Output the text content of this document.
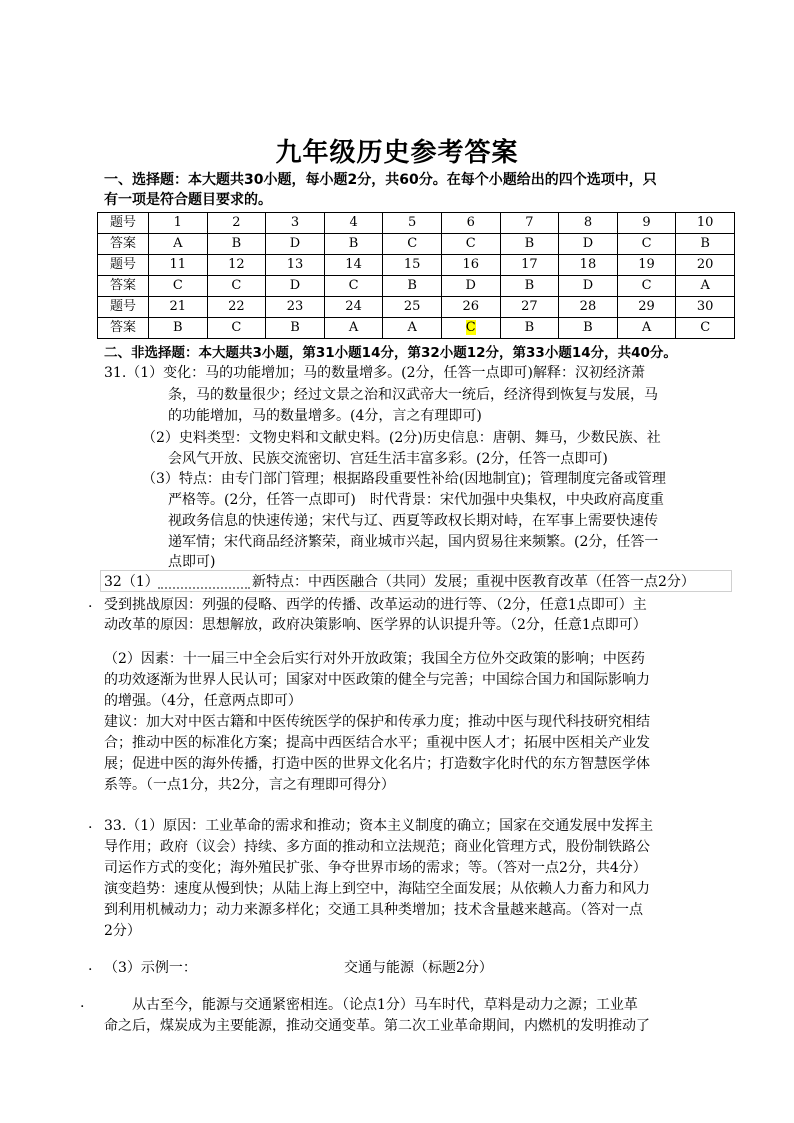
九年级历史参考答案
一、选择题：本大题共30小题，每小题2分，共60分。在每个小题给出的四个选项中，只
有一项是符合题目要求的。
题号	1	2	3	4	5	6	7	8	9	10
答案	A	B	D	B	C	C	B	D	C	B
题号	11	12	13	14	15	16	17	18	19	20
答案	C	C	D	C	B	D	B	D	C	A
题号	21	22	23	24	25	26	27	28	29	30
答案	B	C	B	A	A	C	B	B	A	C
二、非选择题：本大题共3小题，第31小题14分，第32小题12分，第33小题14分，共40分。
31.（1）变化：马的功能增加；马的数量增多。(2分，任答一点即可)解释：汉初经济萧
条，马的数量很少；经过文景之治和汉武帝大一统后，经济得到恢复与发展，马
的功能增加，马的数量增多。(4分，言之有理即可)
（2）史料类型：文物史料和文献史料。(2分)历史信息：唐朝、舞马，少数民族、社
会风气开放、民族交流密切、宫廷生活丰富多彩。(2分，任答一点即可)
（3）特点：由专门部门管理；根据路段重要性补给(因地制宜)；管理制度完备或管理
严格等。(2分，任答一点即可)　时代背景：宋代加强中央集权，中央政府高度重
视政务信息的快速传递；宋代与辽、西夏等政权长期对峙，在军事上需要快速传
递军情；宋代商品经济繁荣，商业城市兴起，国内贸易往来频繁。(2分，任答一
点即可)
32（1）	新特点：中西医融合（共同）发展；重视中医教育改革（任答一点2分）
. 受到挑战原因：列强的侵略、西学的传播、改革运动的进行等、（2分，任意1点即可）主
动改革的原因：思想解放，政府决策影响、医学界的认识提升等。（2分，任意1点即可）
（2）因素：十一届三中全会后实行对外开放政策；我国全方位外交政策的影响；中医药
的功效逐渐为世界人民认可；国家对中医政策的健全与完善；中国综合国力和国际影响力
的增强。（4分，任意两点即可）
建议：加大对中医古籍和中医传统医学的保护和传承力度；推动中医与现代科技研究相结
合；推动中医的标准化方案；提高中西医结合水平；重视中医人才；拓展中医相关产业发
展；促进中医的海外传播，打造中医的世界文化名片；打造数字化时代的东方智慧医学体
系等。（一点1分，共2分，言之有理即可得分）
. 33.（1）原因：工业革命的需求和推动；资本主义制度的确立；国家在交通发展中发挥主
导作用；政府（议会）持续、多方面的推动和立法规范；商业化管理方式，股份制铁路公
司运作方式的变化；海外殖民扩张、争夺世界市场的需求；等。（答对一点2分，共4分）
演变趋势：速度从慢到快；从陆上海上到空中，海陆空全面发展；从依赖人力畜力和风力
到利用机械动力；动力来源多样化；交通工具种类增加；技术含量越来越高。（答对一点
2分）
. （3）示例一：	交通与能源（标题2分）
. 　　从古至今，能源与交通紧密相连。（论点1分）马车时代，草料是动力之源；工业革
命之后，煤炭成为主要能源，推动交通变革。第二次工业革命期间，内燃机的发明推动了
